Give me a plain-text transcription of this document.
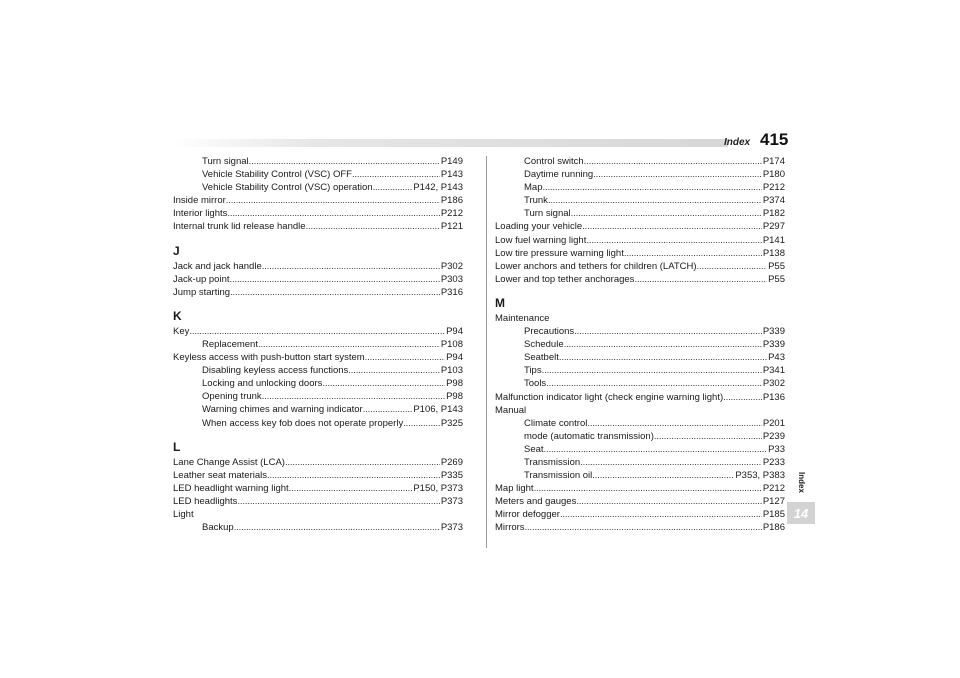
Index 415
Index
14
Turn signal . . .	P149
Vehicle Stability Control (VSC) OFF . . .	P143
Vehicle Stability Control (VSC) operation . . .	P142, P143
Inside mirror . . .	P186
Interior lights . . .	P212
Internal trunk lid release handle . . .	P121
J
Jack and jack handle . . .	P302
Jack-up point . . .	P303
Jump starting . . .	P316
K
Key . . .	P94
Replacement . . .	P108
Keyless access with push-button start system . . .	P94
Disabling keyless access functions . . .	P103
Locking and unlocking doors . . .	P98
Opening trunk . . .	P98
Warning chimes and warning indicator . . .	P106, P143
When access key fob does not operate properly . . .	P325
L
Lane Change Assist (LCA) . . .	P269
Leather seat materials . . .	P335
LED headlight warning light . . .	P150, P373
LED headlights . . .	P373
Light
Backup . . .	P373
Control switch . . .	P174
Daytime running . . .	P180
Map . . .	P212
Trunk . . .	P374
Turn signal . . .	P182
Loading your vehicle . . .	P297
Low fuel warning light . . .	P141
Low tire pressure warning light . . .	P138
Lower anchors and tethers for children (LATCH) . . .	P55
Lower and top tether anchorages . . .	P55
M
Maintenance
Precautions . . .	P339
Schedule . . .	P339
Seatbelt . . .	P43
Tips . . .	P341
Tools . . .	P302
Malfunction indicator light (check engine warning light) . . .	P136
Manual
Climate control . . .	P201
mode (automatic transmission) . . .	P239
Seat . . .	P33
Transmission . . .	P233
Transmission oil . . .	P353, P383
Map light . . .	P212
Meters and gauges . . .	P127
Mirror defogger . . .	P185
Mirrors . . .	P186
